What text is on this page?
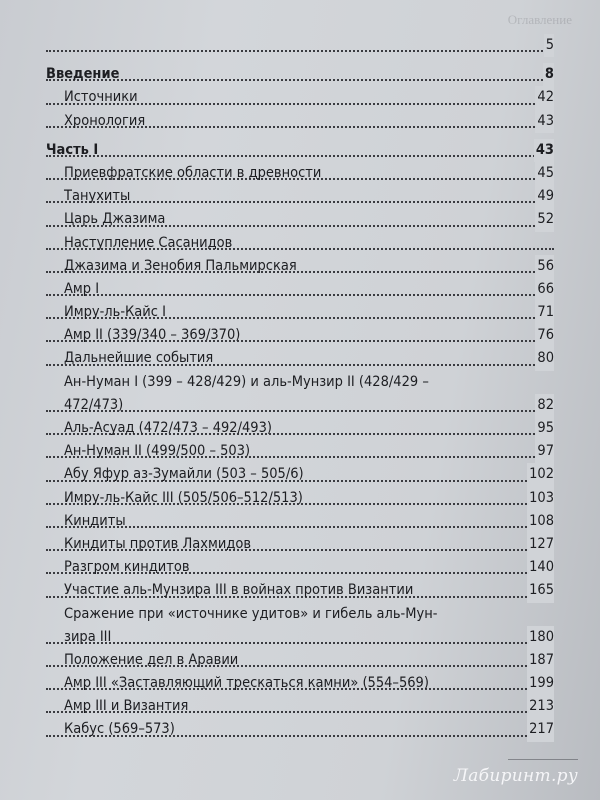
Оглавление
5
Введение	8
Источники	42
Хронология	43
Часть I	43
Приевфратские области в древности	45
Танухиты	49
Царь Джазима	52
Наступление Сасанидов
Джазима и Зенобия Пальмирская	56
Амр I	66
Имру-ль-Кайс I	71
Амр II (339/340 – 369/370)	76
Дальнейшие события	80
Ан-Нуман I (399 – 428/429) и аль-Мунзир II (428/429 –
472/473)	82
Аль-Асуад (472/473 – 492/493)	95
Ан-Нуман II (499/500 – 503)	97
Абу Яфур аз-Зумайли (503 – 505/6)	102
Имру-ль-Кайс III (505/506–512/513)	103
Киндиты	108
Киндиты против Лахмидов	127
Разгром киндитов	140
Участие аль-Мунзира III в войнах против Византии	165
Сражение при «источнике удитов» и гибель аль-Мун-
зира III	180
Положение дел в Аравии	187
Амр III «Заставляющий трескаться камни» (554–569)	199
Амр III и Византия	213
Кабус (569–573)	217
Лабиринт.ру
